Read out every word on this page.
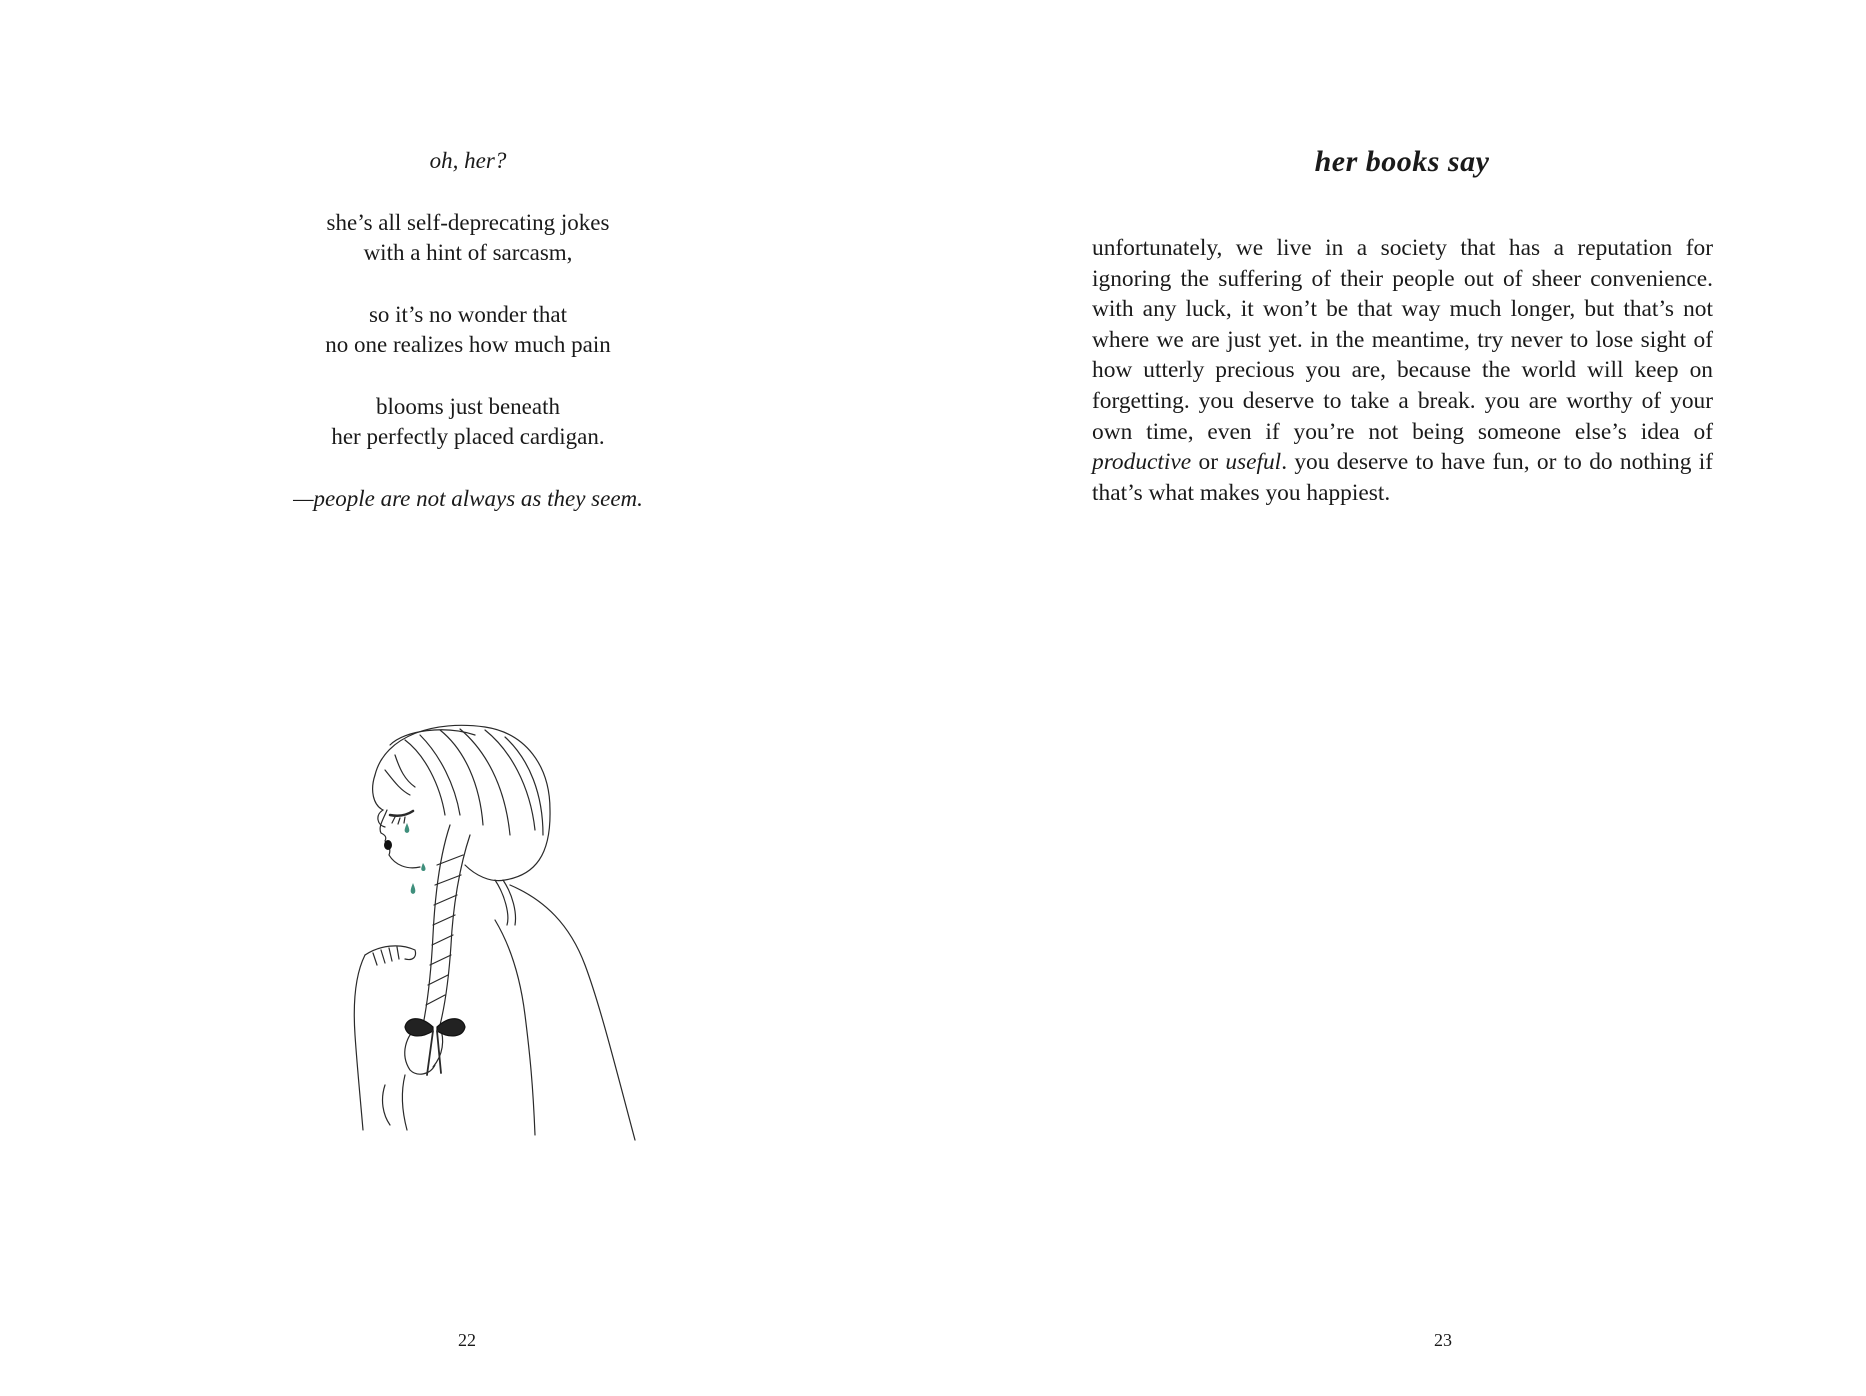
oh, her?

she’s all self-deprecating jokes
with a hint of sarcasm,
so it’s no wonder that
no one realizes how much pain
blooms just beneath
her perfectly placed cardigan.

—people are not always as they seem.

22
her books say

unfortunately, we live in a society that has a reputation for ignoring the suffering of their people out of sheer convenience. with any luck, it won’t be that way much longer, but that’s not where we are just yet. in the meantime, try never to lose sight of how utterly precious you are, because the world will keep on forgetting. you deserve to take a break. you are worthy of your own time, even if you’re not being someone else’s idea of productive or useful. you deserve to have fun, or to do nothing if that’s what makes you happiest.

23
